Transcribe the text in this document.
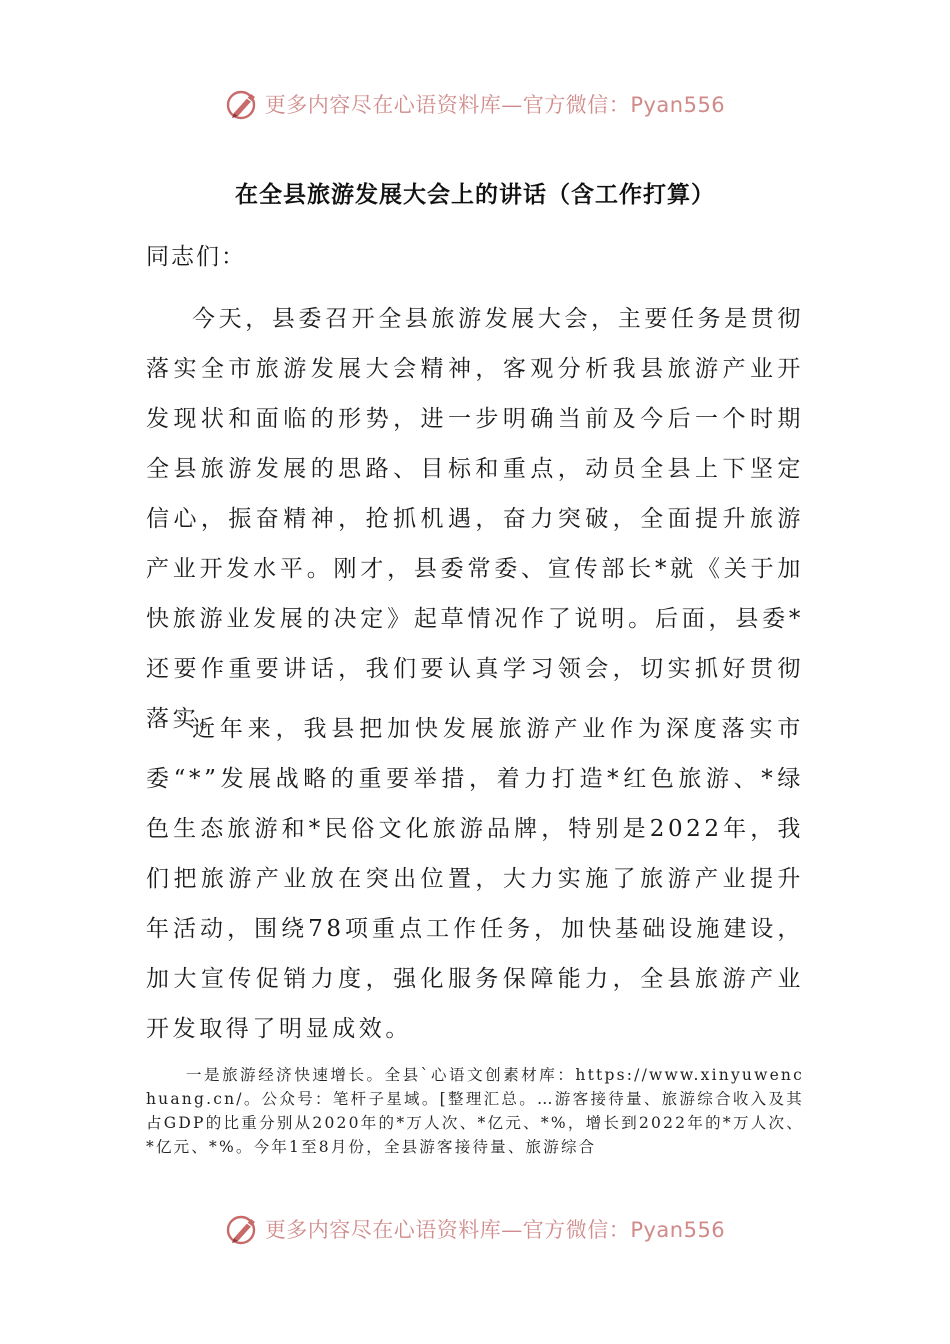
更多内容尽在心语资料库—官方微信：Pyan556
在全县旅游发展大会上的讲话（含工作打算）
同志们：

今天，县委召开全县旅游发展大会，主要任务是贯彻落实全市旅游发展大会精神，客观分析我县旅游产业开发现状和面临的形势，进一步明确当前及今后一个时期全县旅游发展的思路、目标和重点，动员全县上下坚定信心，振奋精神，抢抓机遇，奋力突破，全面提升旅游产业开发水平。刚才，县委常委、宣传部长*就《关于加快旅游业发展的决定》起草情况作了说明。后面，县委*还要作重要讲话，我们要认真学习领会，切实抓好贯彻落实。

近年来，我县把加快发展旅游产业作为深度落实市委“*”发展战略的重要举措，着力打造*红色旅游、*绿色生态旅游和*民俗文化旅游品牌，特别是2022年，我们把旅游产业放在突出位置，大力实施了旅游产业提升年活动，围绕78项重点工作任务，加快基础设施建设，加大宣传促销力度，强化服务保障能力，全县旅游产业开发取得了明显成效。

一是旅游经济快速增长。全县`心语文创素材库：https://www.xinyuwenchuang.cn/。公众号：笔杆子星域。[整理汇总。…游客接待量、旅游综合收入及其占GDP的比重分别从2020年的*万人次、*亿元、*%，增长到2022年的*万人次、*亿元、*%。今年1至8月份，全县游客接待量、旅游综合

更多内容尽在心语资料库—官方微信：Pyan556
